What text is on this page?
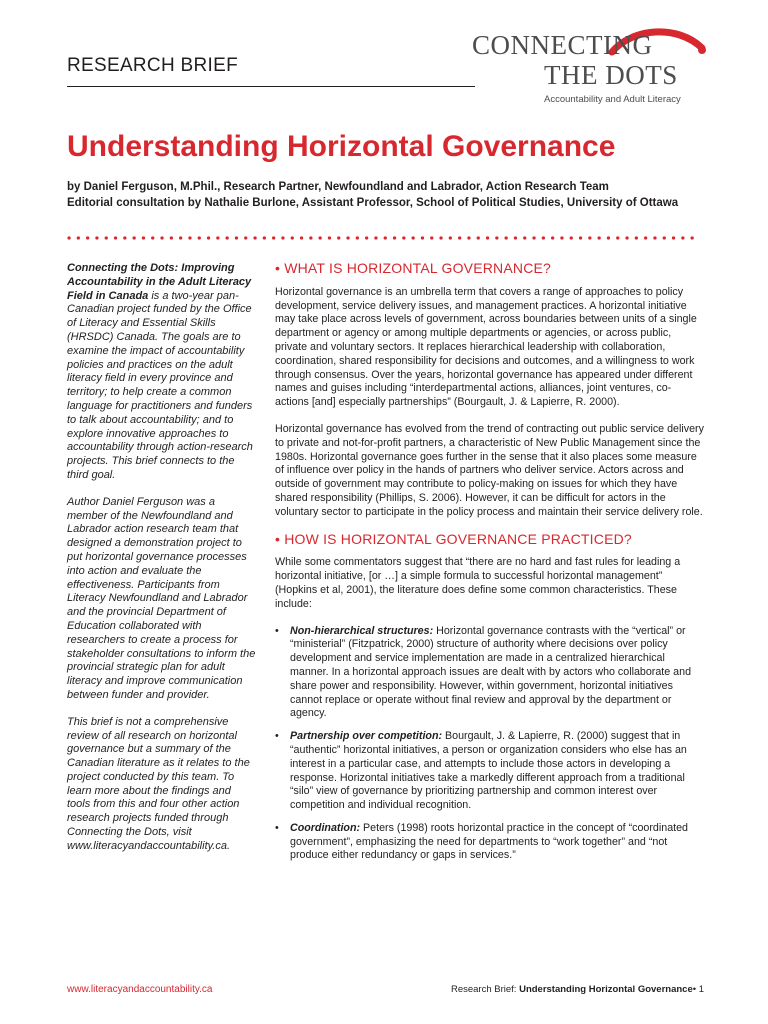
RESEARCH BRIEF
CONNECTING
THE DOTS
Accountability and Adult Literacy
Understanding Horizontal Governance
by Daniel Ferguson, M.Phil., Research Partner, Newfoundland and Labrador, Action Research Team
Editorial consultation by Nathalie Burlone, Assistant Professor, School of Political Studies, University of Ottawa

Connecting the Dots: Improving Accountability in the Adult Literacy Field in Canada is a two-year pan-Canadian project funded by the Office of Literacy and Essential Skills (HRSDC) Canada. The goals are to examine the impact of accountability policies and practices on the adult literacy field in every province and territory; to help create a common language for practitioners and funders to talk about accountability; and to explore innovative approaches to accountability through action-research projects. This brief connects to the third goal.

Author Daniel Ferguson was a member of the Newfoundland and Labrador action research team that designed a demonstration project to put horizontal governance processes into action and evaluate the effectiveness. Participants from Literacy Newfoundland and Labrador and the provincial Department of Education collaborated with researchers to create a process for stakeholder consultations to inform the provincial strategic plan for adult literacy and improve communication between funder and provider.

This brief is not a comprehensive review of all research on horizontal governance but a summary of the Canadian literature as it relates to the project conducted by this team. To learn more about the findings and tools from this and four other action research projects funded through Connecting the Dots, visit www.literacyandaccountability.ca.

• WHAT IS HORIZONTAL GOVERNANCE?

Horizontal governance is an umbrella term that covers a range of approaches to policy development, service delivery issues, and management practices. A horizontal initiative may take place across levels of government, across boundaries between units of a single department or agency or among multiple departments or agencies, or across public, private and voluntary sectors. It replaces hierarchical leadership with collaboration, coordination, shared responsibility for decisions and outcomes, and a willingness to work through consensus. Over the years, horizontal governance has appeared under different names and guises including “interdepartmental actions, alliances, joint ventures, co-actions [and] especially partnerships” (Bourgault, J. & Lapierre, R. 2000).

Horizontal governance has evolved from the trend of contracting out public service delivery to private and not-for-profit partners, a characteristic of New Public Management since the 1980s. Horizontal governance goes further in the sense that it also places some measure of influence over policy in the hands of partners who deliver service. Actors across and outside of government may contribute to policy-making on issues for which they have shared responsibility (Phillips, S. 2006). However, it can be difficult for actors in the voluntary sector to participate in the policy process and maintain their service delivery role.

• HOW IS HORIZONTAL GOVERNANCE PRACTICED?

While some commentators suggest that “there are no hard and fast rules for leading a horizontal initiative, [or …] a simple formula to successful horizontal management” (Hopkins et al, 2001), the literature does define some common characteristics. These include:

• Non-hierarchical structures: Horizontal governance contrasts with the “vertical” or “ministerial” (Fitzpatrick, 2000) structure of authority where decisions over policy development and service implementation are made in a centralized hierarchical manner. In a horizontal approach issues are dealt with by actors who collaborate and share power and responsibility. However, within government, horizontal initiatives cannot replace or operate without final review and approval by the department or agency.
• Partnership over competition: Bourgault, J. & Lapierre, R. (2000) suggest that in “authentic” horizontal initiatives, a person or organization considers who else has an interest in a particular case, and attempts to include those actors in developing a response. Horizontal initiatives take a markedly different approach from a traditional “silo” view of governance by prioritizing partnership and common interest over competition and individual recognition.
• Coordination: Peters (1998) roots horizontal practice in the concept of “coordinated government”, emphasizing the need for departments to “work together” and “not produce either redundancy or gaps in services.”
www.literacyandaccountability.ca	Research Brief: Understanding Horizontal Governance• 1
